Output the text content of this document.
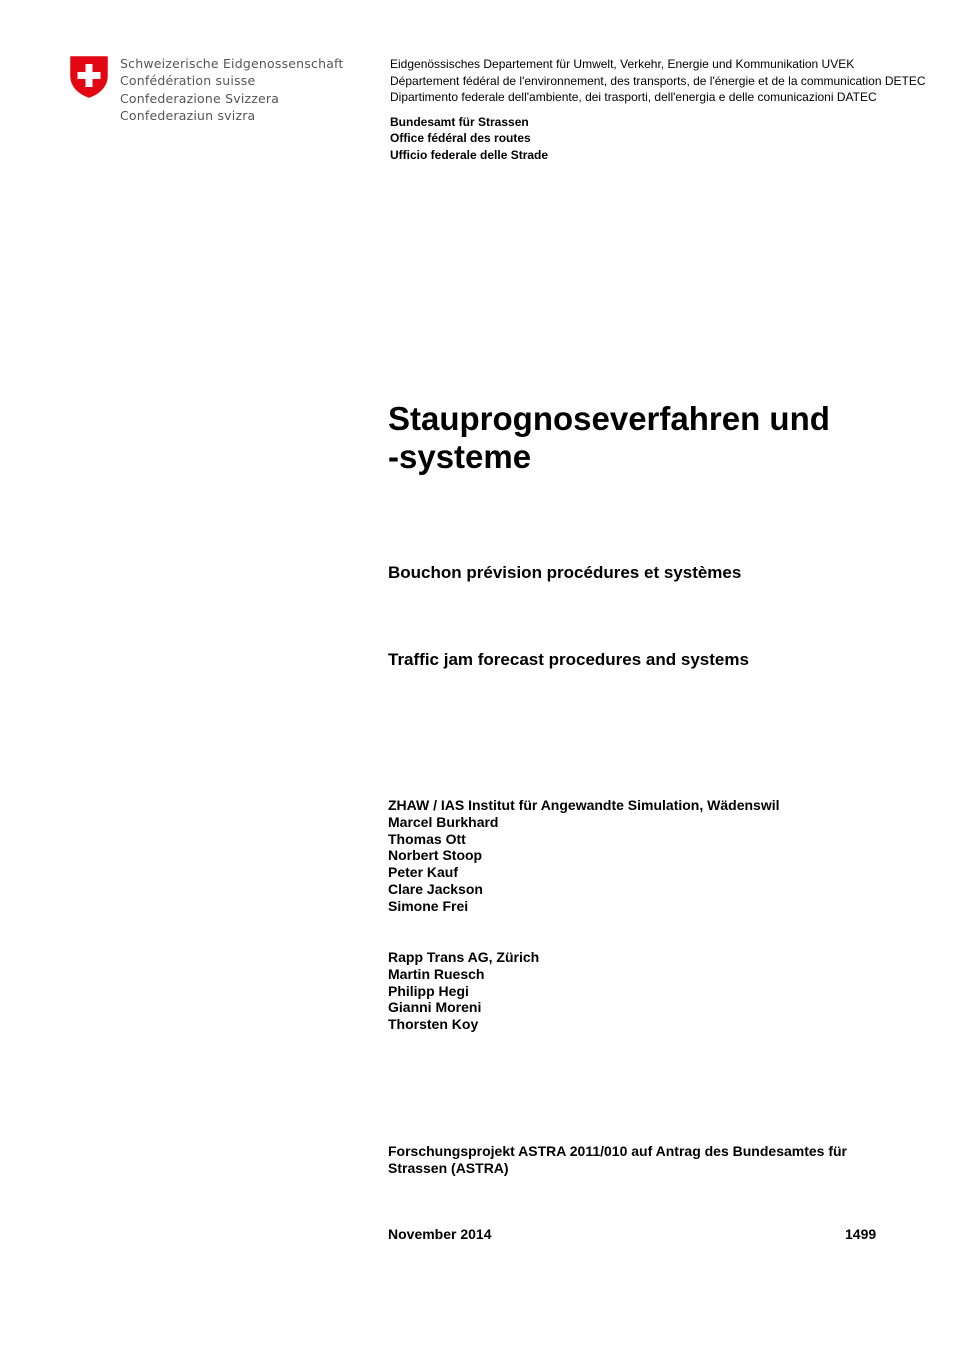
Schweizerische Eidgenossenschaft
Confédération suisse
Confederazione Svizzera
Confederaziun svizra
Eidgenössisches Departement für Umwelt, Verkehr, Energie und Kommunikation UVEK
Département fédéral de l'environnement, des transports, de l'énergie et de la communication DETEC
Dipartimento federale dell'ambiente, dei trasporti, dell'energia e delle comunicazioni DATEC
Bundesamt für Strassen
Office fédéral des routes
Ufficio federale delle Strade
Stauprognoseverfahren und
-systeme
Bouchon prévision procédures et systèmes
Traffic jam forecast procedures and systems
ZHAW / IAS Institut für Angewandte Simulation, Wädenswil
Marcel Burkhard
Thomas Ott
Norbert Stoop
Peter Kauf
Clare Jackson
Simone Frei
Rapp Trans AG, Zürich
Martin Ruesch
Philipp Hegi
Gianni Moreni
Thorsten Koy
Forschungsprojekt ASTRA 2011/010 auf Antrag des Bundesamtes für Strassen (ASTRA)
November 2014	1499
